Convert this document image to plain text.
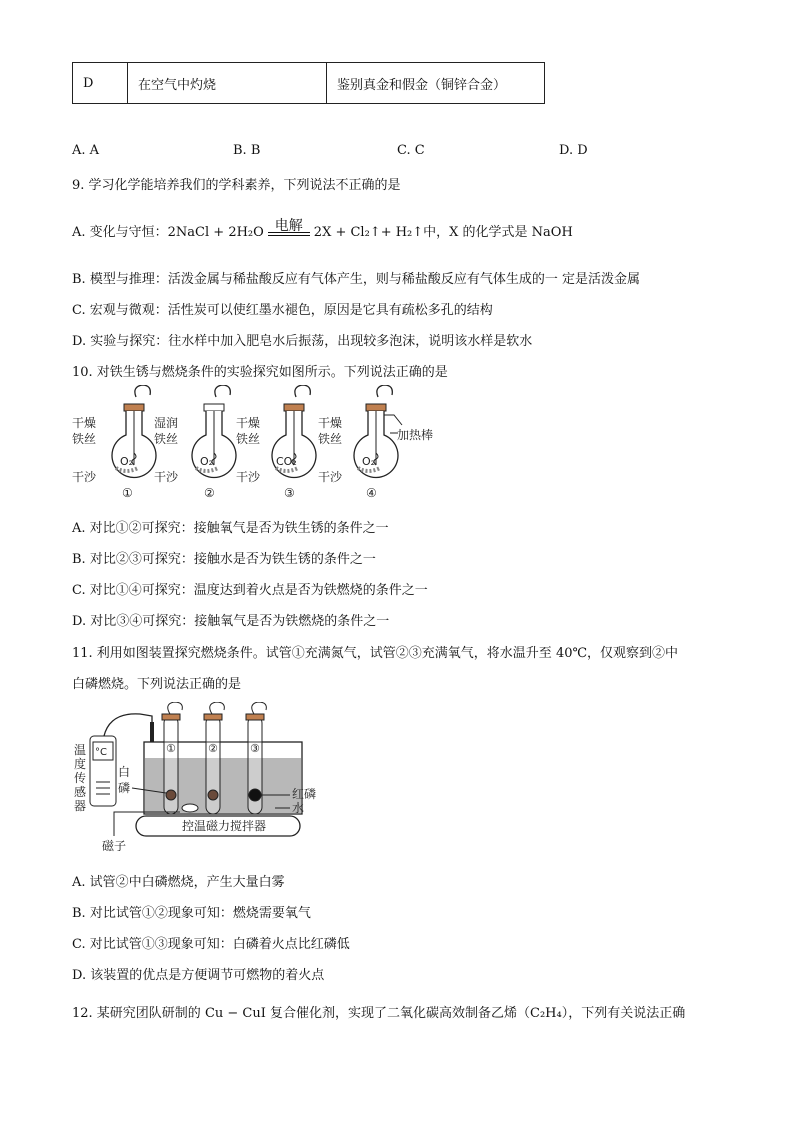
D	在空气中灼烧	鉴别真金和假金（铜锌合金）
A. A	B. B	C. C	D. D
9. 学习化学能培养我们的学科素养，下列说法不正确的是
A. 变化与守恒：2NaCl + 2H₂O 电解 2X + Cl₂↑+ H₂↑中，X 的化学式是 NaOH
B. 模型与推理：活泼金属与稀盐酸反应有气体产生，则与稀盐酸反应有气体生成的一 定是活泼金属
C. 宏观与微观：活性炭可以使红墨水褪色，原因是它具有疏松多孔的结构
D. 实验与探究：往水样中加入肥皂水后振荡，出现较多泡沫，说明该水样是软水
10. 对铁生锈与燃烧条件的实验探究如图所示。下列说法正确的是
干燥
铁丝
湿润
铁丝
干燥
铁丝
干燥
铁丝	加热棒
O₂	O₂	CO₂	O₂
干沙	干沙	干沙	干沙
①	②	③	④
A. 对比①②可探究：接触氧气是否为铁生锈的条件之一
B. 对比②③可探究：接触水是否为铁生锈的条件之一
C. 对比①④可探究：温度达到着火点是否为铁燃烧的条件之一
D. 对比③④可探究：接触氧气是否为铁燃烧的条件之一
11. 利用如图装置探究燃烧条件。试管①充满氮气，试管②③充满氧气，将水温升至 40℃，仅观察到②中
白磷燃烧。下列说法正确的是
°C
温
度
传
感
器
①	②	③
白
磷	红磷
水
控温磁力搅拌器
磁子
A. 试管②中白磷燃烧，产生大量白雾
B. 对比试管①②现象可知：燃烧需要氧气
C. 对比试管①③现象可知：白磷着火点比红磷低
D. 该装置的优点是方便调节可燃物的着火点
12. 某研究团队研制的 Cu − CuI 复合催化剂，实现了二氧化碳高效制备乙烯（C₂H₄），下列有关说法正确
